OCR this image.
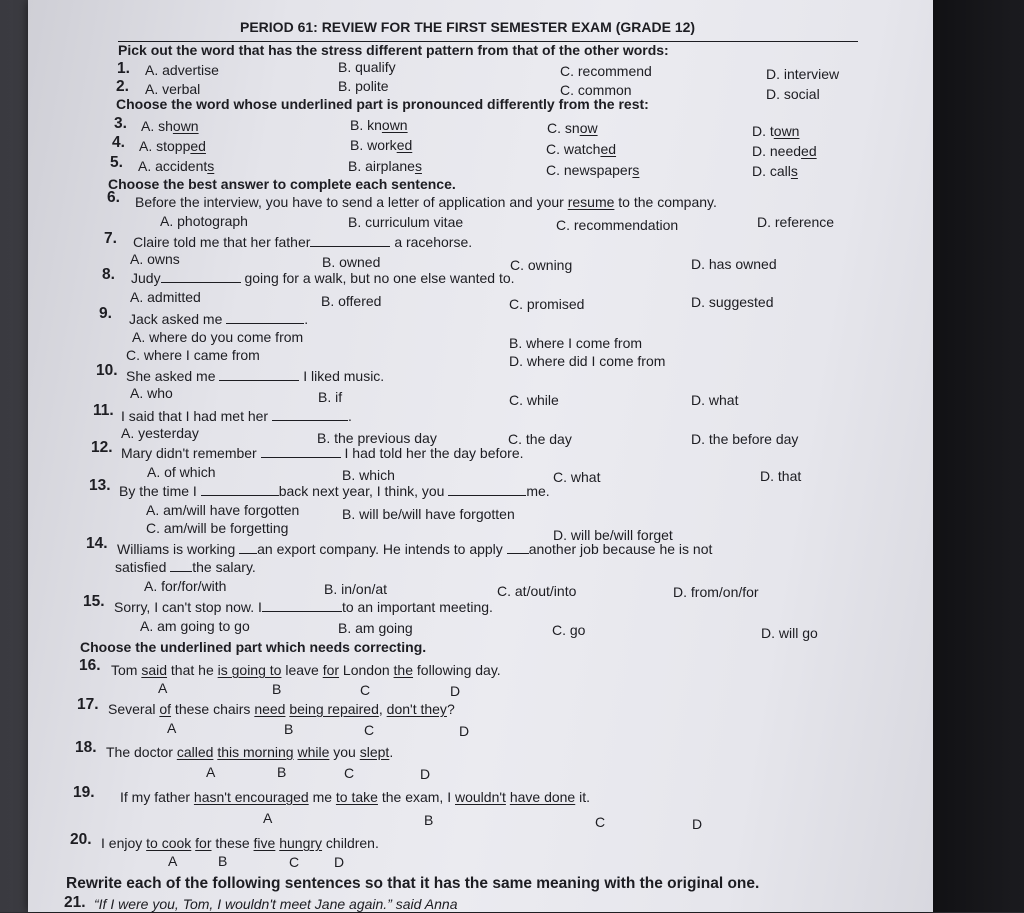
PERIOD 61: REVIEW FOR THE FIRST SEMESTER EXAM (GRADE 12)
Pick out the word that has the stress different pattern from that of the other words:
1. A. advertise	B. qualify	C. recommend	D. interview
2. A. verbal	B. polite	C. common	D. social
Choose the word whose underlined part is pronounced differently from the rest:
3. A. shown	B. known	C. snow	D. town
4. A. stopped	B. worked	C. watched	D. needed
5. A. accidents	B. airplanes	C. newspapers	D. calls
Choose the best answer to complete each sentence.
6. Before the interview, you have to send a letter of application and your resume to the company.
A. photograph	B. curriculum vitae	C. recommendation	D. reference
7. Claire told me that her father	a racehorse.
A. owns	B. owned	C. owning	D. has owned
8. Judy	going for a walk, but no one else wanted to.
A. admitted	B. offered	C. promised	D. suggested
9. Jack asked me	.
A. where do you come from	B. where I come from
C. where I came from	D. where did I come from
10. She asked me	I liked music.
A. who	B. if	C. while	D. what
11. I said that I had met her	.
A. yesterday	B. the previous day	C. the day	D. the before day
12. Mary didn't remember	I had told her the day before.
A. of which	B. which	C. what	D. that
13. By the time I	back next year, I think, you	me.
A. am/will have forgotten	B. will be/will have forgotten
C. am/will be forgetting	D. will be/will forget
14. Williams is working an export company. He intends to apply another job because he is not
satisfied the salary.
A. for/for/with	B. in/on/at	C. at/out/into	D. from/on/for
15. Sorry, I can't stop now. I	to an important meeting.
A. am going to go	B. am going	C. go	D. will go
Choose the underlined part which needs correcting.
16. Tom said that he is going to leave for London the following day.
A	B	C	D
17. Several of these chairs need being repaired, don't they?
A	B	C	D
18. The doctor called this morning while you slept.
A	B	C	D
19. If my father hasn't encouraged me to take the exam, I wouldn't have done it.
A	B	C	D
20. I enjoy to cook for these five hungry children.
A	B	C D
Rewrite each of the following sentences so that it has the same meaning with the original one.
21. “If I were you, Tom, I wouldn't meet Jane again.” said Anna
